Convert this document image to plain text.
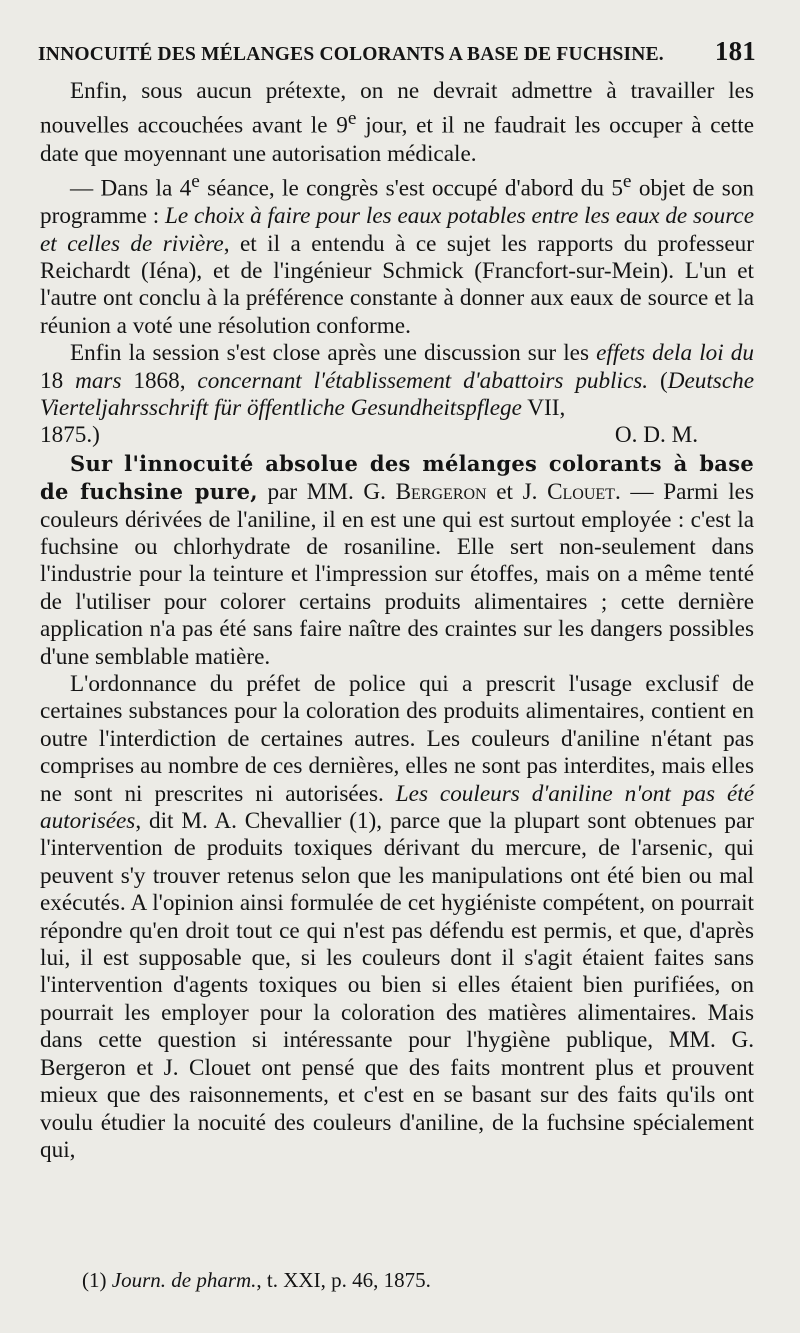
INNOCUITÉ DES MÉLANGES COLORANTS A BASE DE FUCHSINE. 181

Enfin, sous aucun prétexte, on ne devrait admettre à travailler les nouvelles accouchées avant le 9e jour, et il ne faudrait les occuper à cette date que moyennant une autorisation médicale.

— Dans la 4e séance, le congrès s'est occupé d'abord du 5e objet de son programme : Le choix à faire pour les eaux potables entre les eaux de source et celles de rivière, et il a entendu à ce sujet les rapports du professeur Reichardt (Iéna), et de l'ingénieur Schmick (Francfort-sur-Mein). L'un et l'autre ont conclu à la préférence constante à donner aux eaux de source et la réunion a voté une résolution conforme.

Enfin la session s'est close après une discussion sur les effets dela loi du 18 mars 1868, concernant l'établissement d'abattoirs publics. (Deutsche Vierteljahrsschrift für öffentliche Gesundheitspflege VII,

1875.)	O. D. M.

Sur l'innocuité absolue des mélanges colorants à base de fuchsine pure, par MM. G. Bergeron et J. Clouet. — Parmi les couleurs dérivées de l'aniline, il en est une qui est surtout employée : c'est la fuchsine ou chlorhydrate de rosaniline. Elle sert non-seulement dans l'industrie pour la teinture et l'impression sur étoffes, mais on a même tenté de l'utiliser pour colorer certains produits alimentaires ; cette dernière application n'a pas été sans faire naître des craintes sur les dangers possibles d'une semblable matière.

L'ordonnance du préfet de police qui a prescrit l'usage exclusif de certaines substances pour la coloration des produits alimentaires, contient en outre l'interdiction de certaines autres. Les couleurs d'aniline n'étant pas comprises au nombre de ces dernières, elles ne sont pas interdites, mais elles ne sont ni prescrites ni autorisées. Les couleurs d'aniline n'ont pas été autorisées, dit M. A. Chevallier (1), parce que la plupart sont obtenues par l'intervention de produits toxiques dérivant du mercure, de l'arsenic, qui peuvent s'y trouver retenus selon que les manipulations ont été bien ou mal exécutés. A l'opinion ainsi formulée de cet hygiéniste compétent, on pourrait répondre qu'en droit tout ce qui n'est pas défendu est permis, et que, d'après lui, il est supposable que, si les couleurs dont il s'agit étaient faites sans l'intervention d'agents toxiques ou bien si elles étaient bien purifiées, on pourrait les employer pour la coloration des matières alimentaires. Mais dans cette question si intéressante pour l'hygiène publique, MM. G. Bergeron et J. Clouet ont pensé que des faits montrent plus et prouvent mieux que des raisonnements, et c'est en se basant sur des faits qu'ils ont voulu étudier la nocuité des couleurs d'aniline, de la fuchsine spécialement qui,

(1) Journ. de pharm., t. XXI, p. 46, 1875.
